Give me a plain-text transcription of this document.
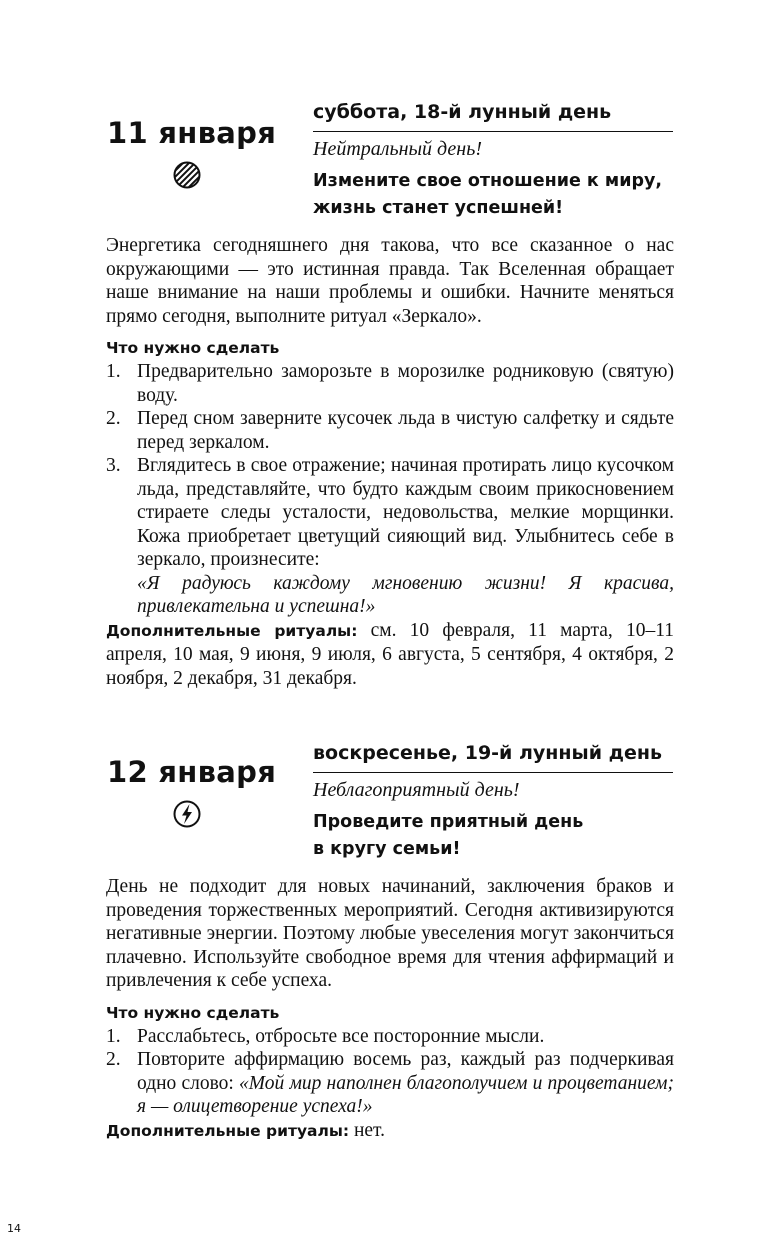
11 января
суббота, 18-й лунный день
Нейтральный день!
Измените свое отношение к миру,
жизнь станет успешней!

Энергетика сегодняшнего дня такова, что все сказанное о нас окружающими — это истинная правда. Так Вселенная обращает наше внимание на наши проблемы и ошибки. Начните меняться прямо сегодня, выполните ритуал «Зеркало».

Что нужно сделать
1. Предварительно заморозьте в морозилке родниковую (святую) воду.
2. Перед сном заверните кусочек льда в чистую салфетку и сядьте перед зеркалом.
3. Вглядитесь в свое отражение; начиная протирать лицо кусочком льда, представляйте, что будто каждым своим прикосновением стираете следы усталости, недовольства, мелкие морщинки. Кожа приобретает цветущий сияющий вид. Улыбнитесь себе в зеркало, произнесите:
«Я радуюсь каждому мгновению жизни! Я красива, привлекательна и успешна!»

Дополнительные ритуалы: см. 10 февраля, 11 марта, 10–11 апреля, 10 мая, 9 июня, 9 июля, 6 августа, 5 сентября, 4 октября, 2 ноября, 2 декабря, 31 декабря.

12 января
воскресенье, 19-й лунный день
Неблагоприятный день!
Проведите приятный день
в кругу семьи!

День не подходит для новых начинаний, заключения браков и проведения торжественных мероприятий. Сегодня активизируются негативные энергии. Поэтому любые увеселения могут закончиться плачевно. Используйте свободное время для чтения аффирмаций и привлечения к себе успеха.

Что нужно сделать
1. Расслабьтесь, отбросьте все посторонние мысли.
2. Повторите аффирмацию восемь раз, каждый раз подчеркивая одно слово: «Мой мир наполнен благополучием и процветанием; я — олицетворение успеха!»

Дополнительные ритуалы: нет.

14
